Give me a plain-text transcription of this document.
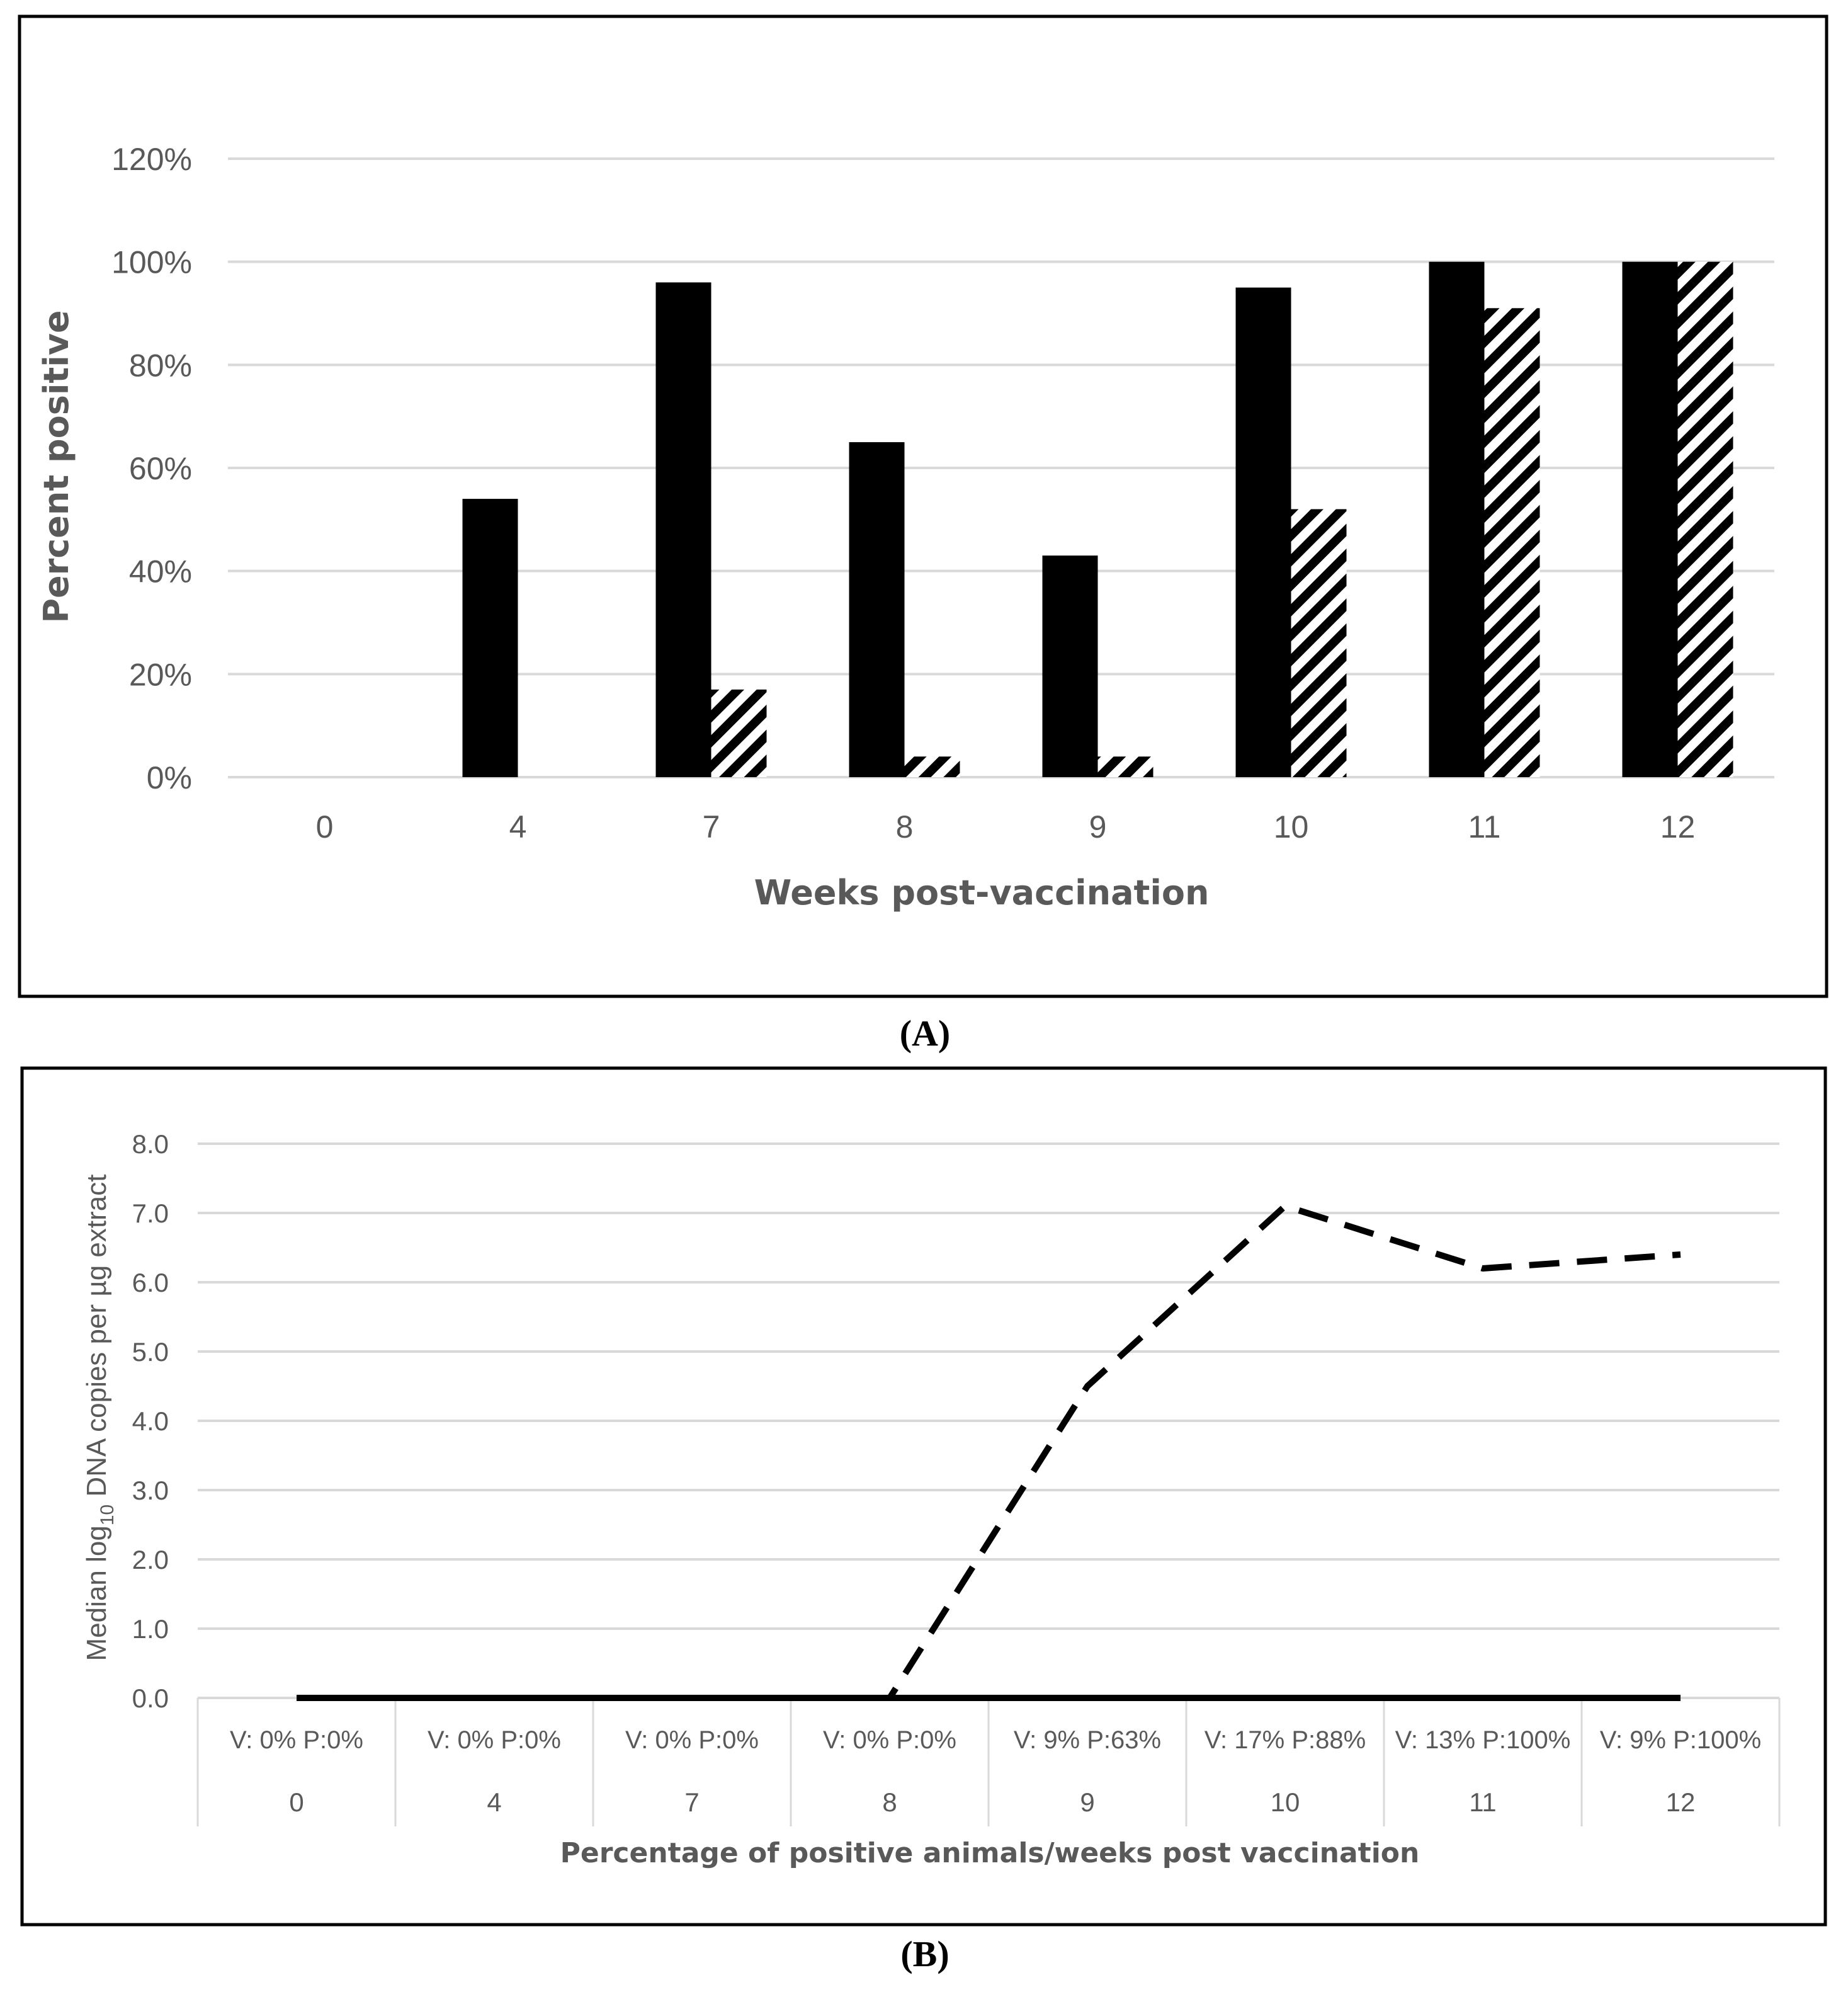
0%
20%
40%
60%
80%
100%
120%
0	4	7	8	9	10	11	12
Percent positive
Weeks post-vaccination
(A)
0.0
1.0
2.0
3.0
4.0
5.0
6.0
7.0
8.0
V: 0% P:0%
0
V: 0% P:0%
4
V: 0% P:0%
7
V: 0% P:0%
8
V: 9% P:63%
9
V: 17% P:88%
10
V: 13% P:100%
11
V: 9% P:100%
12
Median $\log_{10}$ DNA copies per µg extract
Percentage of positive animals/weeks post vaccination
(B)
